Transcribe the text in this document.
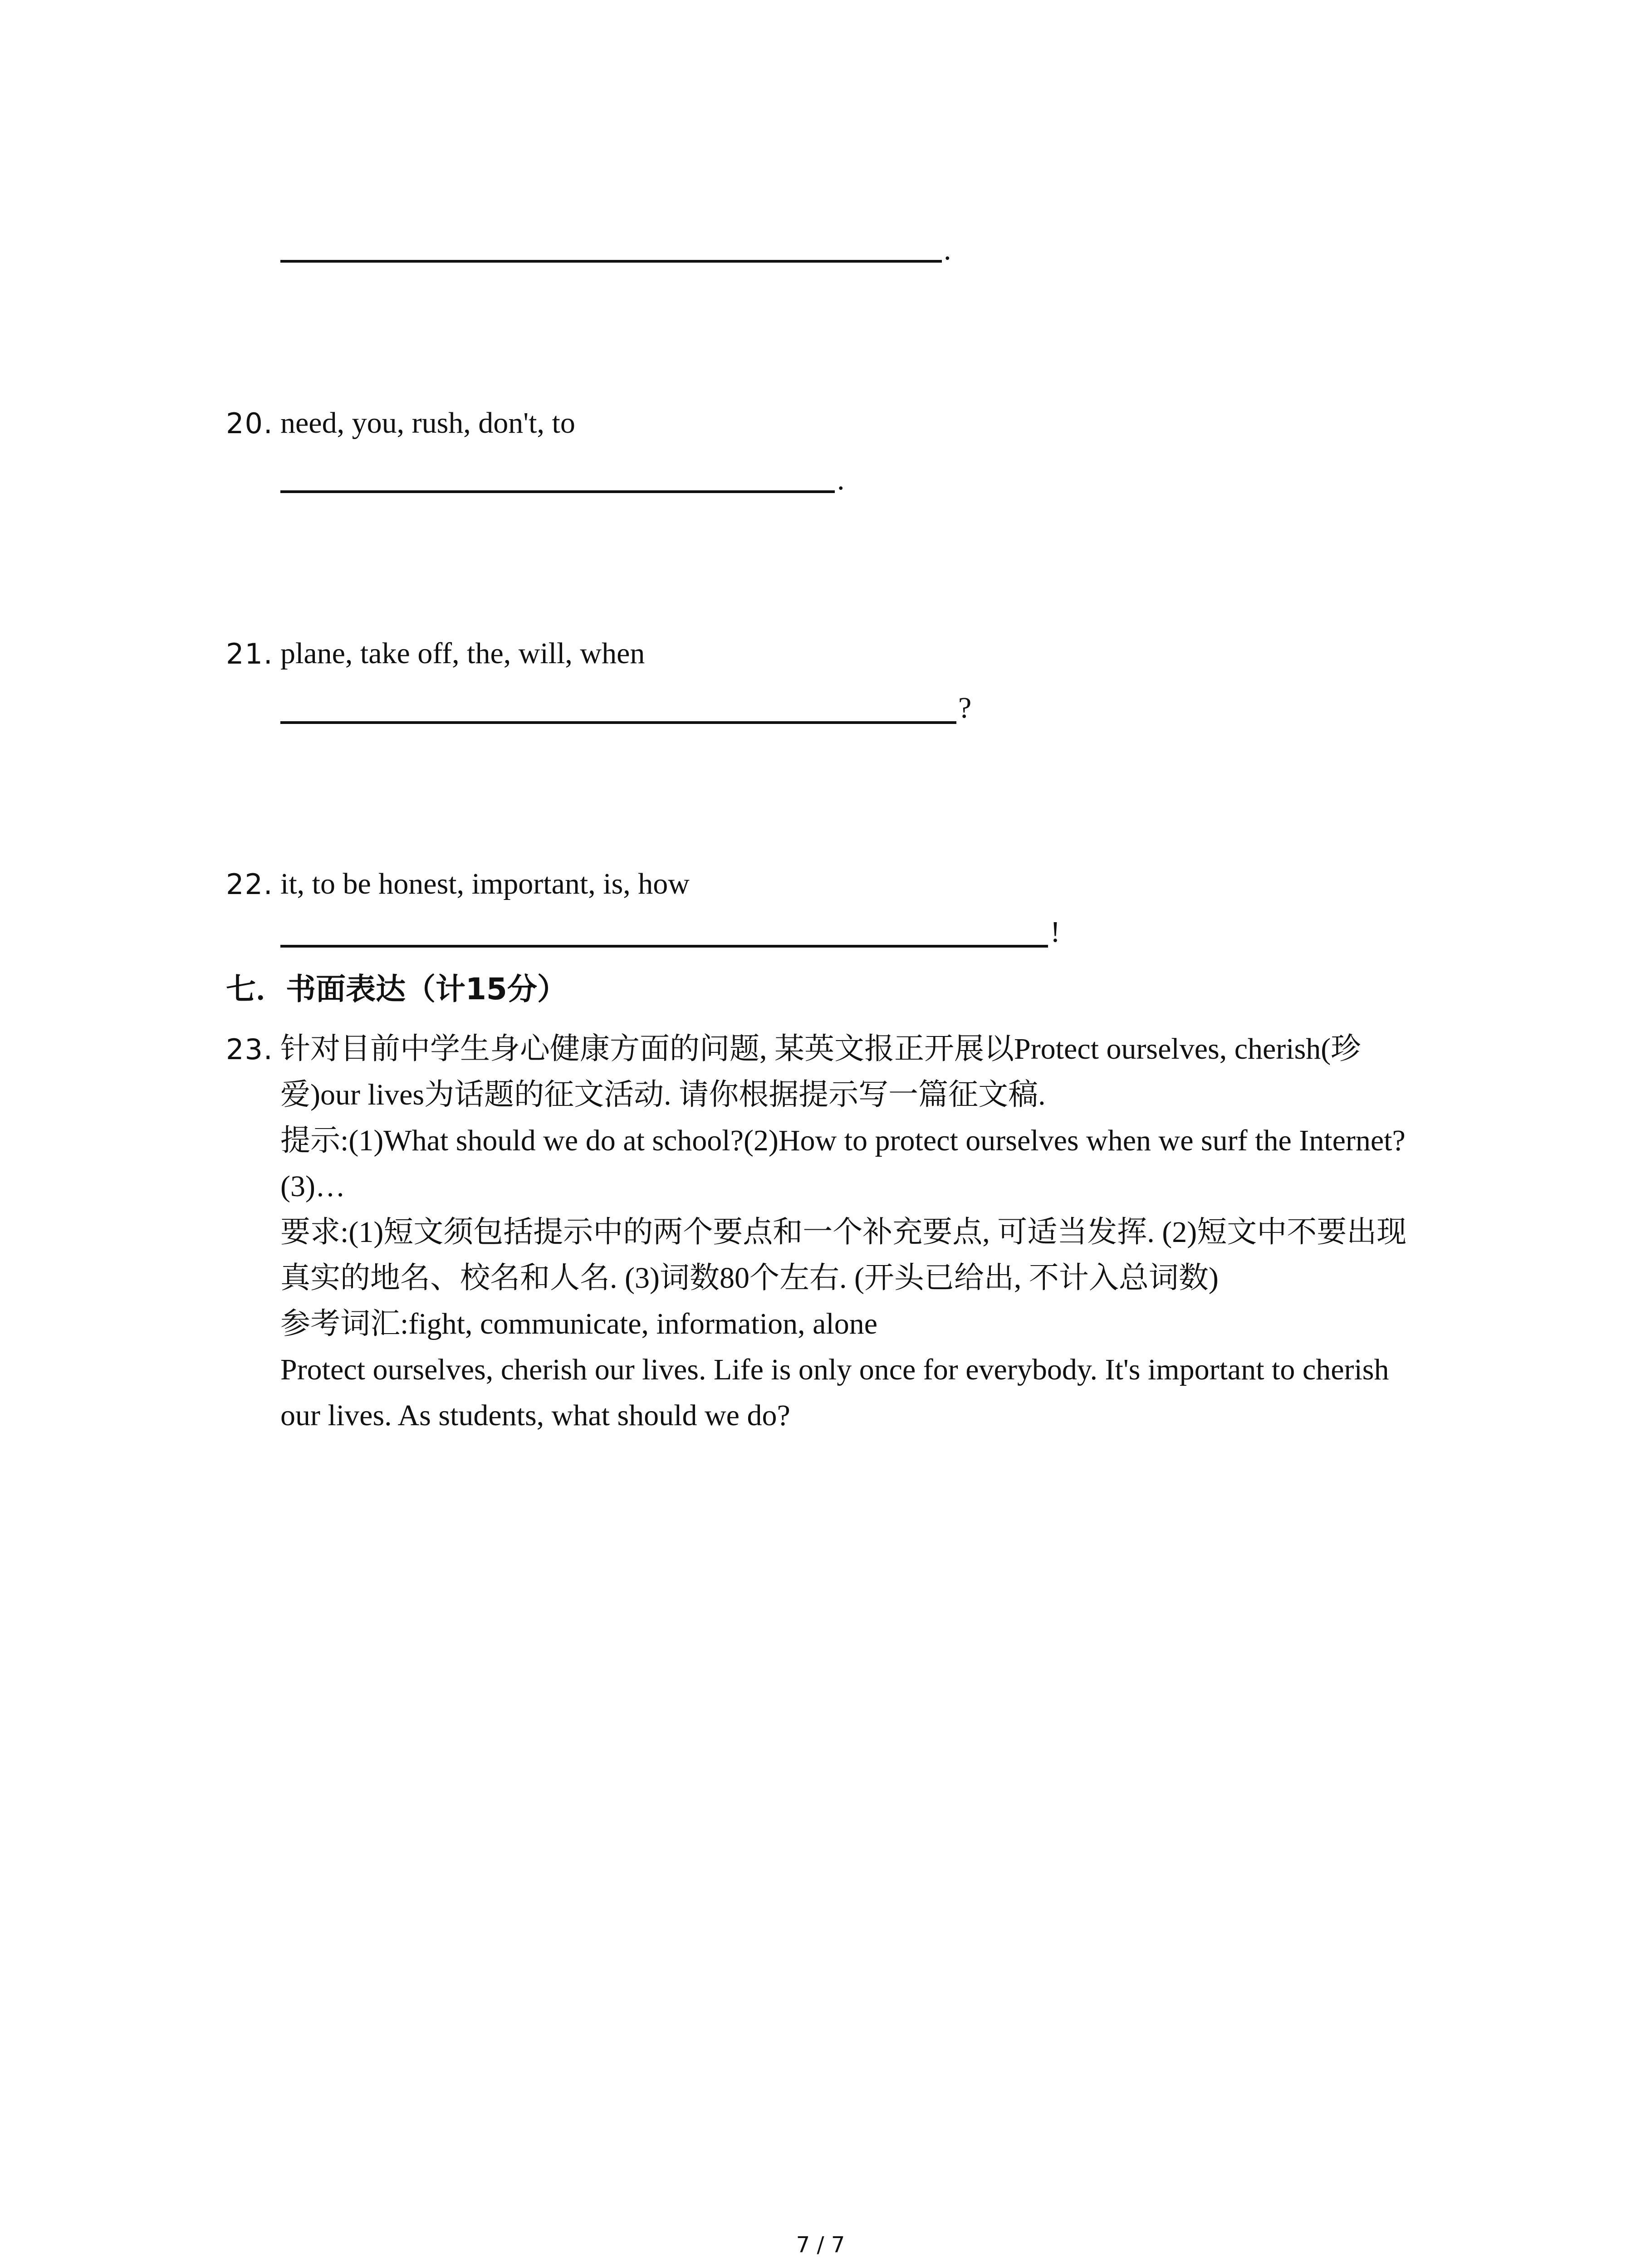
.
20. need, you, rush, don't, to
.
21. plane, take off, the, will, when
?
22. it, to be honest, important, is, how
!
七．书面表达（计15分）
23. 针对目前中学生身心健康方面的问题, 某英文报正开展以Protect ourselves, cherish(珍
爱)our lives为话题的征文活动. 请你根据提示写一篇征文稿.
提示:(1)What should we do at school?(2)How to protect ourselves when we surf the Internet?
(3)…
要求:(1)短文须包括提示中的两个要点和一个补充要点, 可适当发挥. (2)短文中不要出现
真实的地名、校名和人名. (3)词数80个左右. (开头已给出, 不计入总词数)
参考词汇:fight, communicate, information, alone
Protect ourselves, cherish our lives. Life is only once for everybody. It's important to cherish
our lives. As students, what should we do?
7 / 7
